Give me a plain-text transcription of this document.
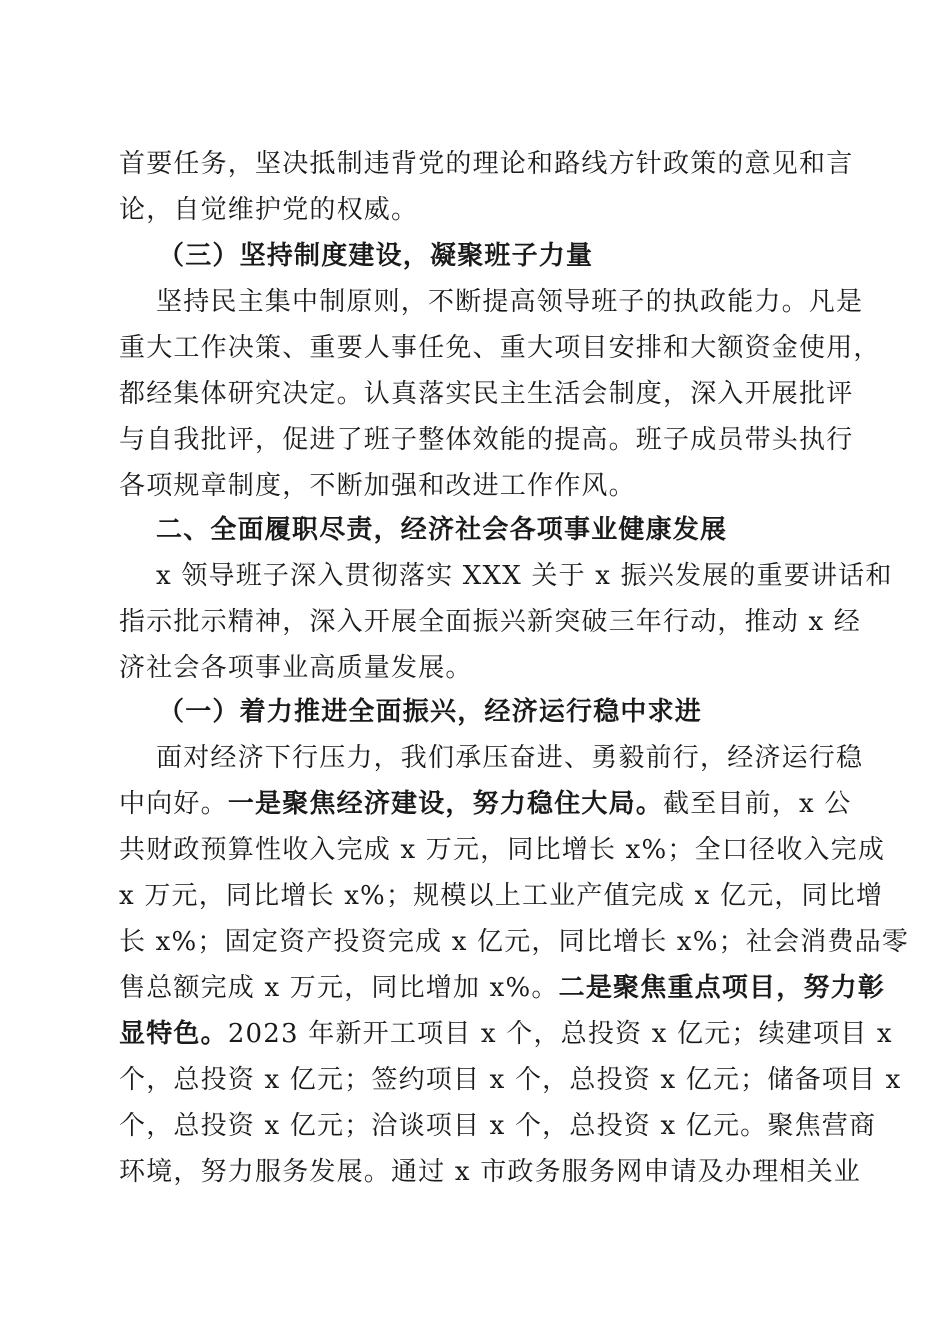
首要任务，坚决抵制违背党的理论和路线方针政策的意见和言
论，自觉维护党的权威。
（三）坚持制度建设，凝聚班子力量
坚持民主集中制原则，不断提高领导班子的执政能力。凡是
重大工作决策、重要人事任免、重大项目安排和大额资金使用，
都经集体研究决定。认真落实民主生活会制度，深入开展批评
与自我批评，促进了班子整体效能的提高。班子成员带头执行
各项规章制度，不断加强和改进工作作风。
二、全面履职尽责，经济社会各项事业健康发展
x 领导班子深入贯彻落实 XXX 关于 x 振兴发展的重要讲话和
指示批示精神，深入开展全面振兴新突破三年行动，推动 x 经
济社会各项事业高质量发展。
（一）着力推进全面振兴，经济运行稳中求进
面对经济下行压力，我们承压奋进、勇毅前行，经济运行稳
中向好。一是聚焦经济建设，努力稳住大局。截至目前，x 公
共财政预算性收入完成 x 万元，同比增长 x%；全口径收入完成
x 万元，同比增长 x%；规模以上工业产值完成 x 亿元，同比增
长 x%；固定资产投资完成 x 亿元，同比增长 x%；社会消费品零
售总额完成 x 万元，同比增加 x%。二是聚焦重点项目，努力彰
显特色。2023 年新开工项目 x 个，总投资 x 亿元；续建项目 x
个，总投资 x 亿元；签约项目 x 个，总投资 x 亿元；储备项目 x
个，总投资 x 亿元；洽谈项目 x 个，总投资 x 亿元。聚焦营商
环境，努力服务发展。通过 x 市政务服务网申请及办理相关业
